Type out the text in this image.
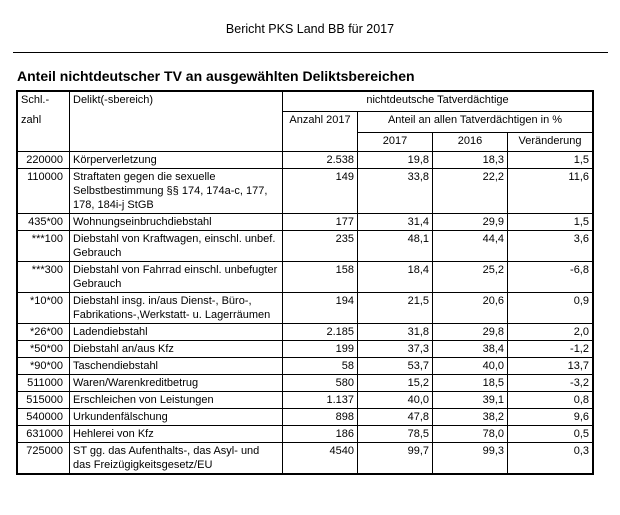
Bericht PKS Land BB für 2017
Anteil nichtdeutscher TV an ausgewählten Deliktsbereichen
Schl.-	Delikt(-sbereich)	nichtdeutsche Tatverdächtige			
zahl		Anzahl 2017	Anteil an allen Tatverdächtigen in %		
			2017	2016	Veränderung
220000	Körperverletzung	2.538	19,8	18,3	1,5
110000	Straftaten gegen die sexuelle Selbstbestimmung §§ 174, 174a-c, 177, 178, 184i-j StGB	149	33,8	22,2	11,6
435*00	Wohnungseinbruchdiebstahl	177	31,4	29,9	1,5
***100	Diebstahl von Kraftwagen, einschl. unbef. Gebrauch	235	48,1	44,4	3,6
***300	Diebstahl von Fahrrad einschl. unbefugter Gebrauch	158	18,4	25,2	-6,8
*10*00	Diebstahl insg. in/aus Dienst-, Büro-, Fabrikations-,Werkstatt- u. Lagerräumen	194	21,5	20,6	0,9
*26*00	Ladendiebstahl	2.185	31,8	29,8	2,0
*50*00	Diebstahl an/aus Kfz	199	37,3	38,4	-1,2
*90*00	Taschendiebstahl	58	53,7	40,0	13,7
511000	Waren/Warenkreditbetrug	580	15,2	18,5	-3,2
515000	Erschleichen von Leistungen	1.137	40,0	39,1	0,8
540000	Urkundenfälschung	898	47,8	38,2	9,6
631000	Hehlerei von Kfz	186	78,5	78,0	0,5
725000	ST gg. das Aufenthalts-, das Asyl- und das Freizügigkeitsgesetz/EU	4540	99,7	99,3	0,3
